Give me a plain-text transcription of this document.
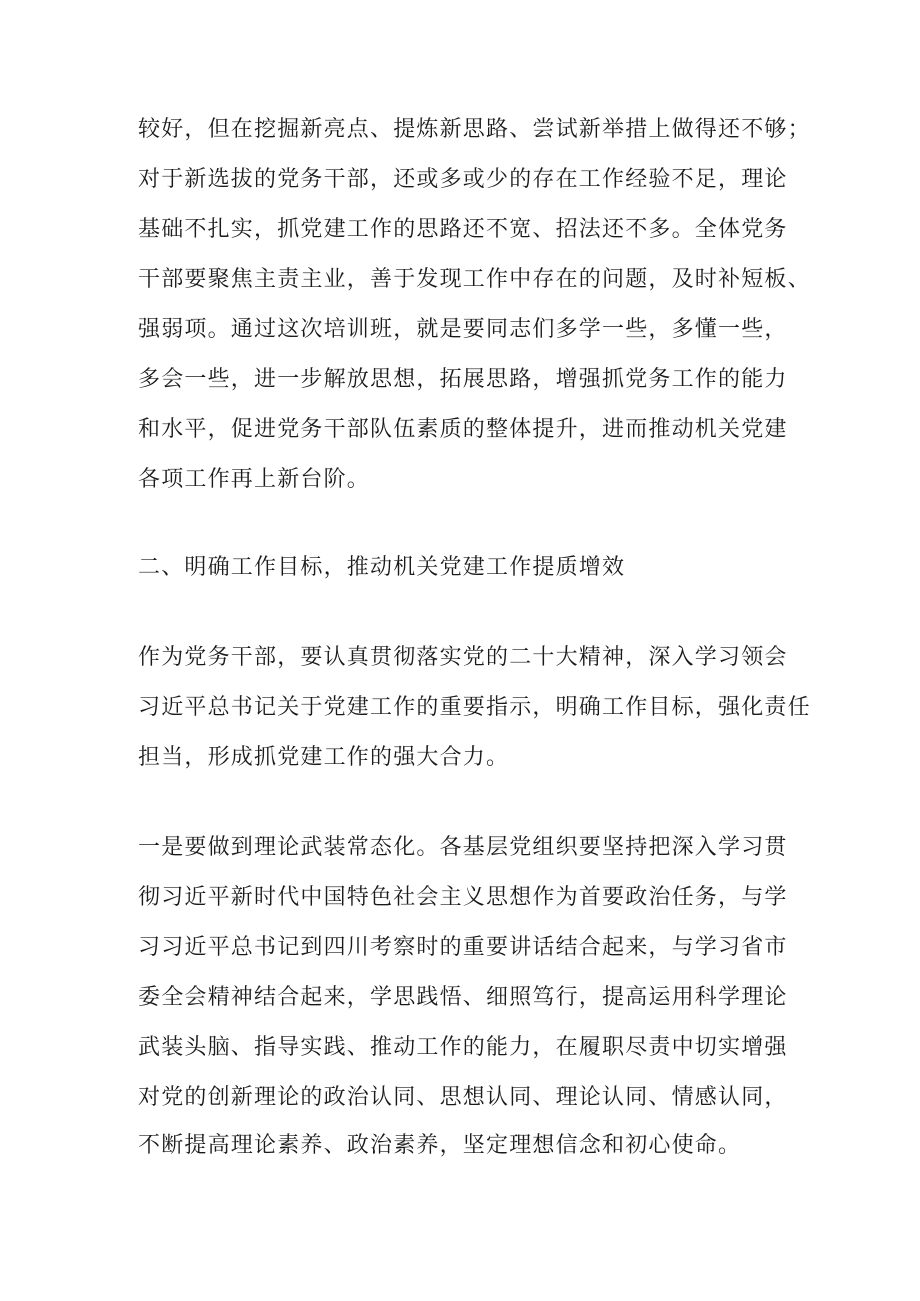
较好，但在挖掘新亮点、提炼新思路、尝试新举措上做得还不够；

对于新选拔的党务干部，还或多或少的存在工作经验不足，理论

基础不扎实，抓党建工作的思路还不宽、招法还不多。全体党务

干部要聚焦主责主业，善于发现工作中存在的问题，及时补短板、

强弱项。通过这次培训班，就是要同志们多学一些，多懂一些，

多会一些，进一步解放思想，拓展思路，增强抓党务工作的能力

和水平，促进党务干部队伍素质的整体提升，进而推动机关党建

各项工作再上新台阶。

二、明确工作目标，推动机关党建工作提质增效

作为党务干部，要认真贯彻落实党的二十大精神，深入学习领会

习近平总书记关于党建工作的重要指示，明确工作目标，强化责任

担当，形成抓党建工作的强大合力。

一是要做到理论武装常态化。各基层党组织要坚持把深入学习贯

彻习近平新时代中国特色社会主义思想作为首要政治任务，与学

习习近平总书记到四川考察时的重要讲话结合起来，与学习省市

委全会精神结合起来，学思践悟、细照笃行，提高运用科学理论

武装头脑、指导实践、推动工作的能力，在履职尽责中切实增强

对党的创新理论的政治认同、思想认同、理论认同、情感认同，

不断提高理论素养、政治素养，坚定理想信念和初心使命。
